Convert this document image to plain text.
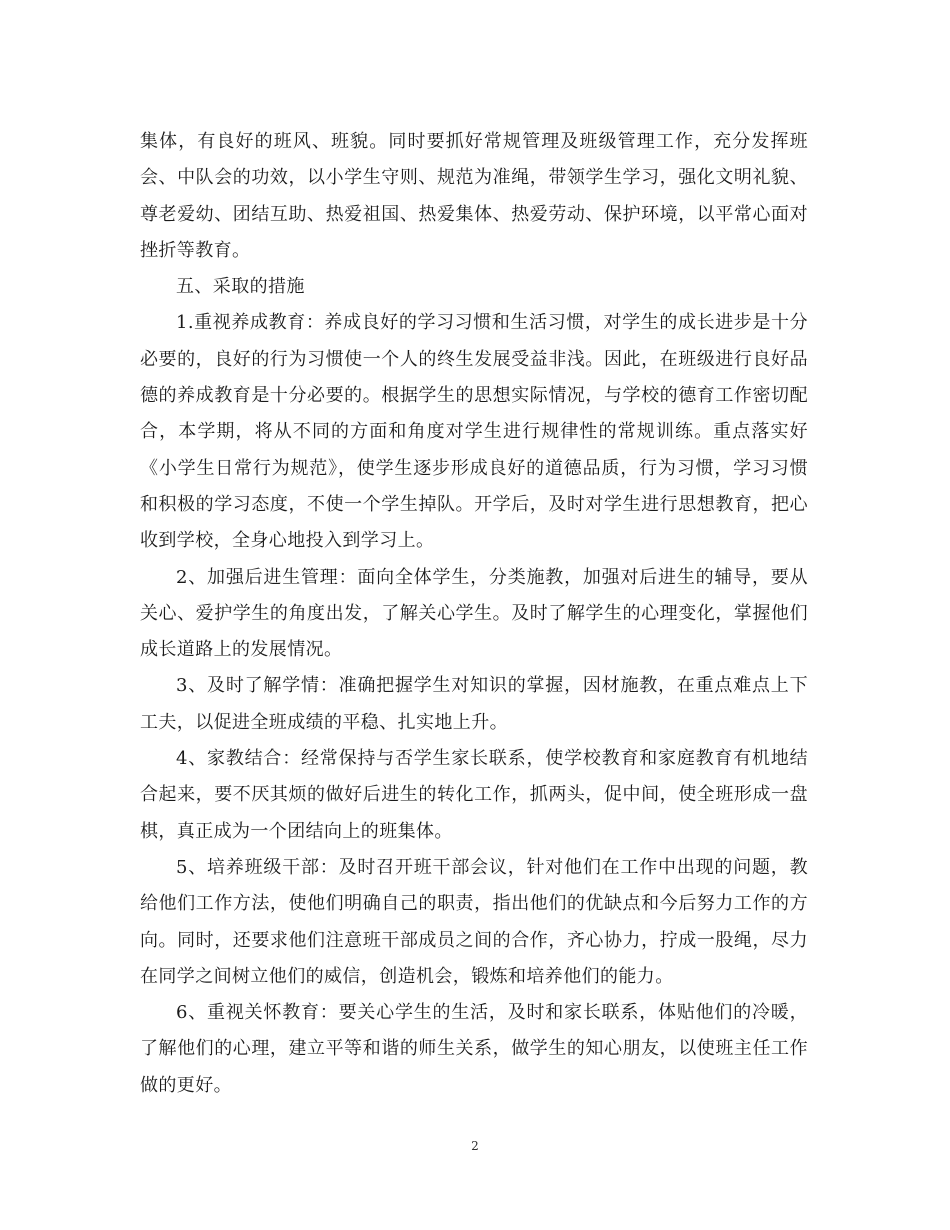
集体，有良好的班风、班貌。同时要抓好常规管理及班级管理工作，充分发挥班会、中队会的功效，以小学生守则、规范为准绳，带领学生学习，强化文明礼貌、尊老爱幼、团结互助、热爱祖国、热爱集体、热爱劳动、保护环境，以平常心面对挫折等教育。

五、采取的措施

1.重视养成教育：养成良好的学习习惯和生活习惯，对学生的成长进步是十分必要的，良好的行为习惯使一个人的终生发展受益非浅。因此，在班级进行良好品德的养成教育是十分必要的。根据学生的思想实际情况，与学校的德育工作密切配合，本学期，将从不同的方面和角度对学生进行规律性的常规训练。重点落实好《小学生日常行为规范》，使学生逐步形成良好的道德品质，行为习惯，学习习惯和积极的学习态度，不使一个学生掉队。开学后，及时对学生进行思想教育，把心收到学校，全身心地投入到学习上。

2、加强后进生管理：面向全体学生，分类施教，加强对后进生的辅导，要从关心、爱护学生的角度出发，了解关心学生。及时了解学生的心理变化，掌握他们成长道路上的发展情况。

3、及时了解学情：准确把握学生对知识的掌握，因材施教，在重点难点上下工夫，以促进全班成绩的平稳、扎实地上升。

4、家教结合：经常保持与否学生家长联系，使学校教育和家庭教育有机地结合起来，要不厌其烦的做好后进生的转化工作，抓两头，促中间，使全班形成一盘棋，真正成为一个团结向上的班集体。

5、培养班级干部：及时召开班干部会议，针对他们在工作中出现的问题，教给他们工作方法，使他们明确自己的职责，指出他们的优缺点和今后努力工作的方向。同时，还要求他们注意班干部成员之间的合作，齐心协力，拧成一股绳，尽力在同学之间树立他们的威信，创造机会，锻炼和培养他们的能力。

6、重视关怀教育：要关心学生的生活，及时和家长联系，体贴他们的冷暖，了解他们的心理，建立平等和谐的师生关系，做学生的知心朋友，以使班主任工作做的更好。

2
